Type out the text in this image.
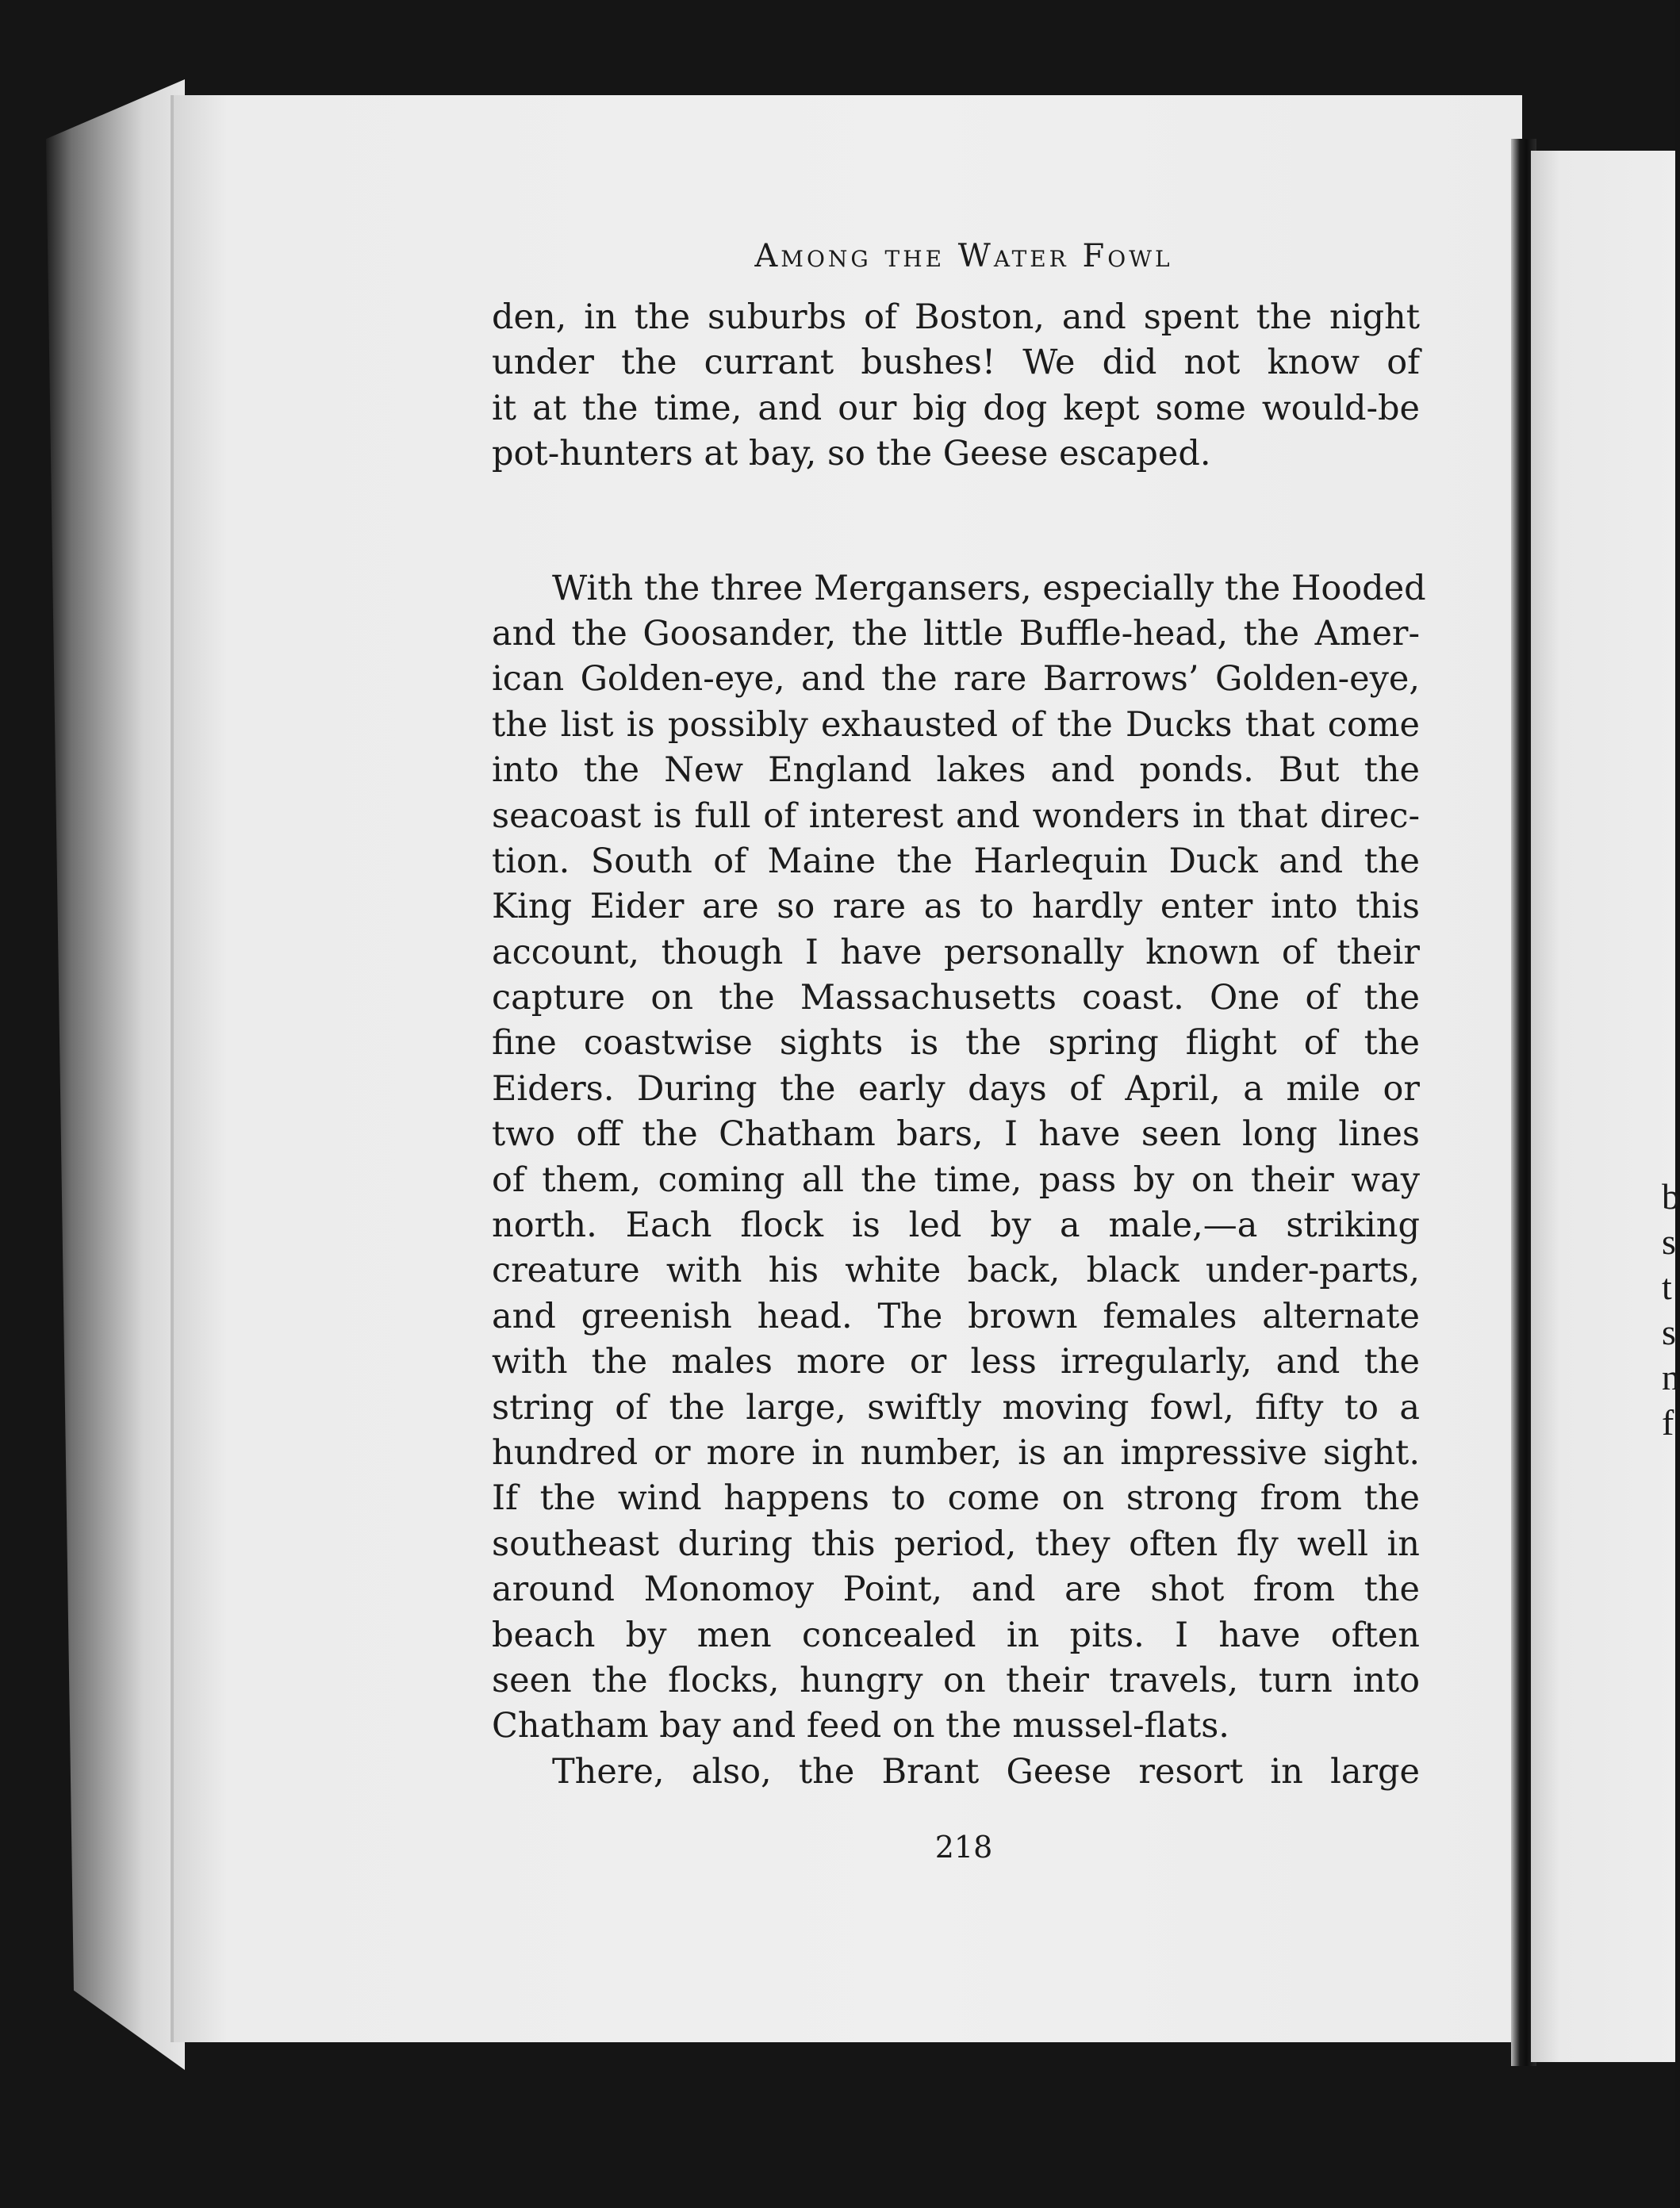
b
s
t
s
n
f
Among the Water Fowl
den, in the suburbs of Boston, and spent the night
under the currant bushes! We did not know of
it at the time, and our big dog kept some would-be
pot-hunters at bay, so the Geese escaped.
With the three Mergansers, especially the Hooded
and the Goosander, the little Buffle-head, the Amer-
ican Golden-eye, and the rare Barrows’ Golden-eye,
the list is possibly exhausted of the Ducks that come
into the New England lakes and ponds. But the
seacoast is full of interest and wonders in that direc-
tion. South of Maine the Harlequin Duck and the
King Eider are so rare as to hardly enter into this
account, though I have personally known of their
capture on the Massachusetts coast. One of the
fine coastwise sights is the spring flight of the
Eiders. During the early days of April, a mile or
two off the Chatham bars, I have seen long lines
of them, coming all the time, pass by on their way
north. Each flock is led by a male,—a striking
creature with his white back, black under-parts,
and greenish head. The brown females alternate
with the males more or less irregularly, and the
string of the large, swiftly moving fowl, fifty to a
hundred or more in number, is an impressive sight.
If the wind happens to come on strong from the
southeast during this period, they often fly well in
around Monomoy Point, and are shot from the
beach by men concealed in pits. I have often
seen the flocks, hungry on their travels, turn into
Chatham bay and feed on the mussel-flats.
There, also, the Brant Geese resort in large
218
